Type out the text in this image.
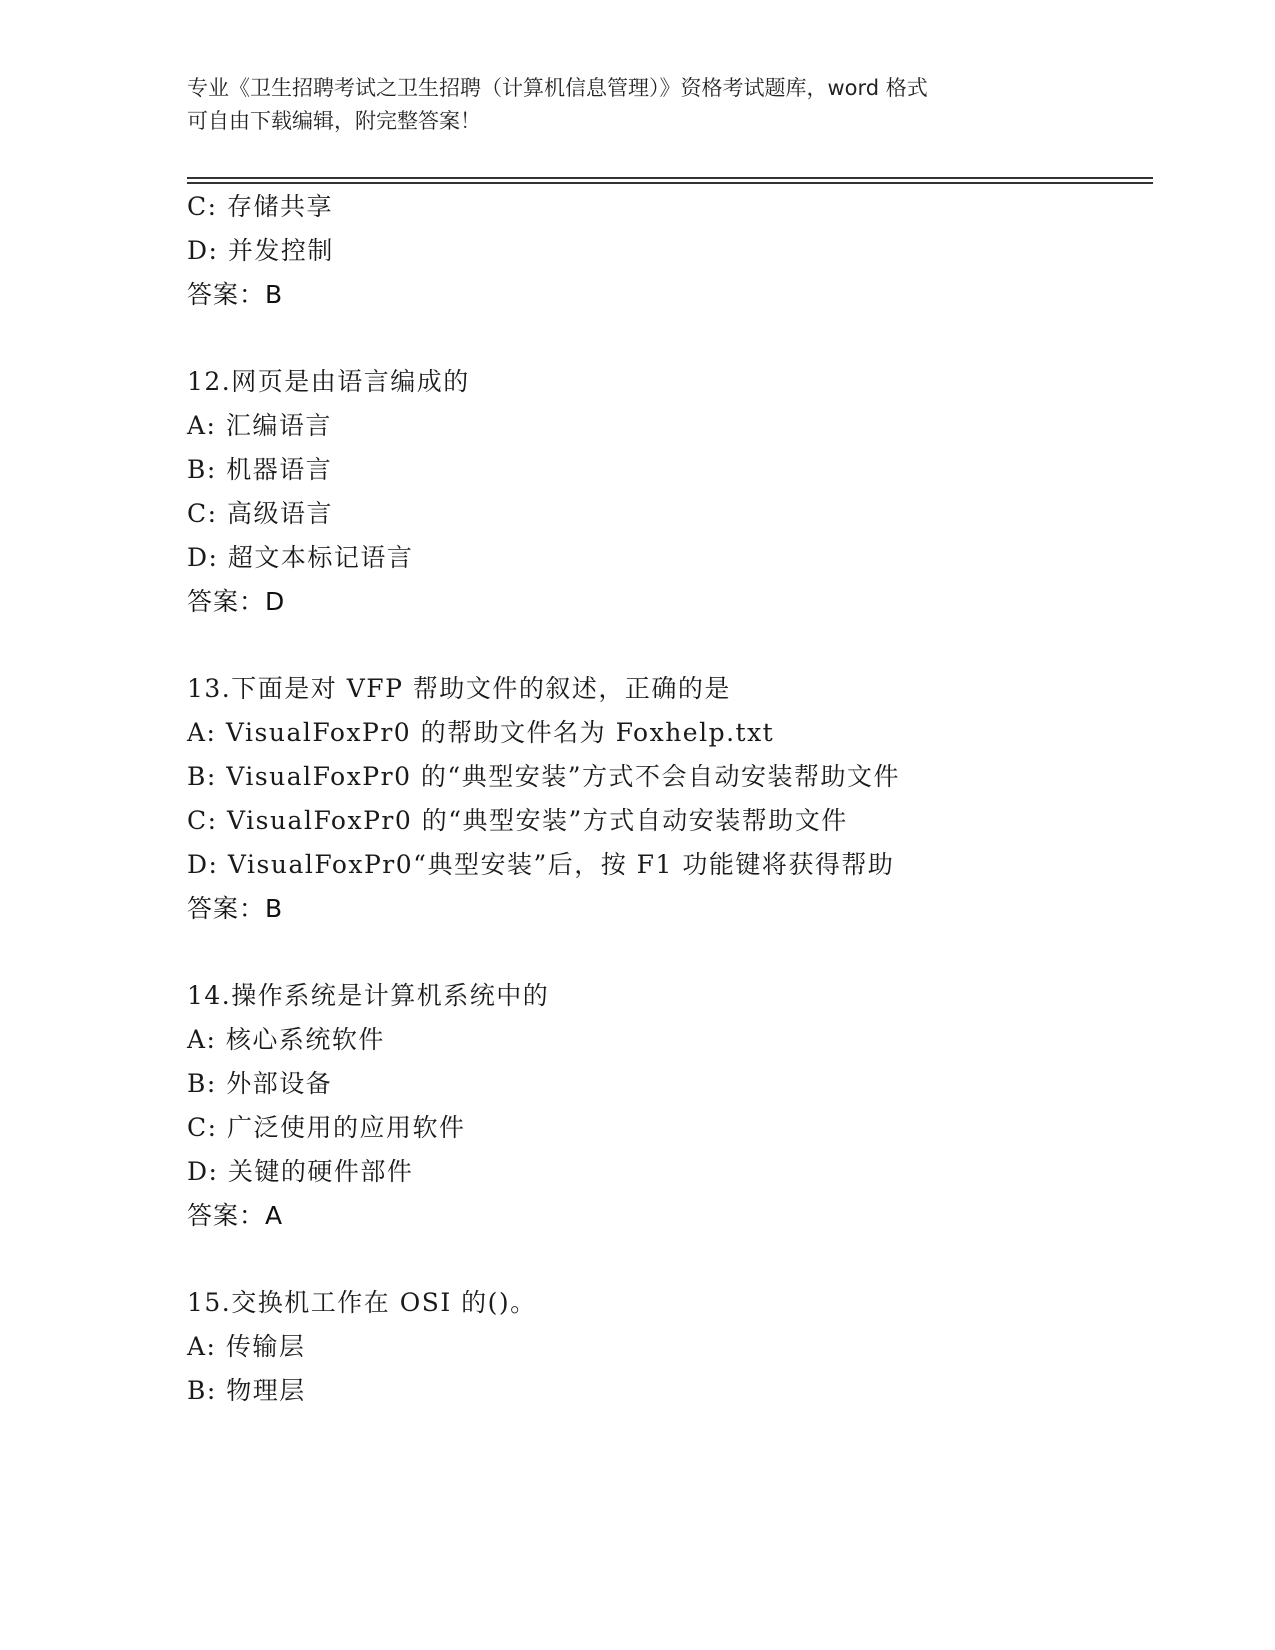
专业《卫生招聘考试之卫生招聘（计算机信息管理）》资格考试题库，word 格式
可自由下载编辑，附完整答案！
C: 存储共享
D: 并发控制
答案：B
12.网页是由语言编成的
A: 汇编语言
B: 机器语言
C: 高级语言
D: 超文本标记语言
答案：D
13.下面是对 VFP 帮助文件的叙述，正确的是
A: VisualFoxPr0 的帮助文件名为 Foxhelp.txt
B: VisualFoxPr0 的“典型安装”方式不会自动安装帮助文件
C: VisualFoxPr0 的“典型安装”方式自动安装帮助文件
D: VisualFoxPr0“典型安装”后，按 F1 功能键将获得帮助
答案：B
14.操作系统是计算机系统中的
A: 核心系统软件
B: 外部设备
C: 广泛使用的应用软件
D: 关键的硬件部件
答案：A
15.交换机工作在 OSI 的()。
A: 传输层
B: 物理层
